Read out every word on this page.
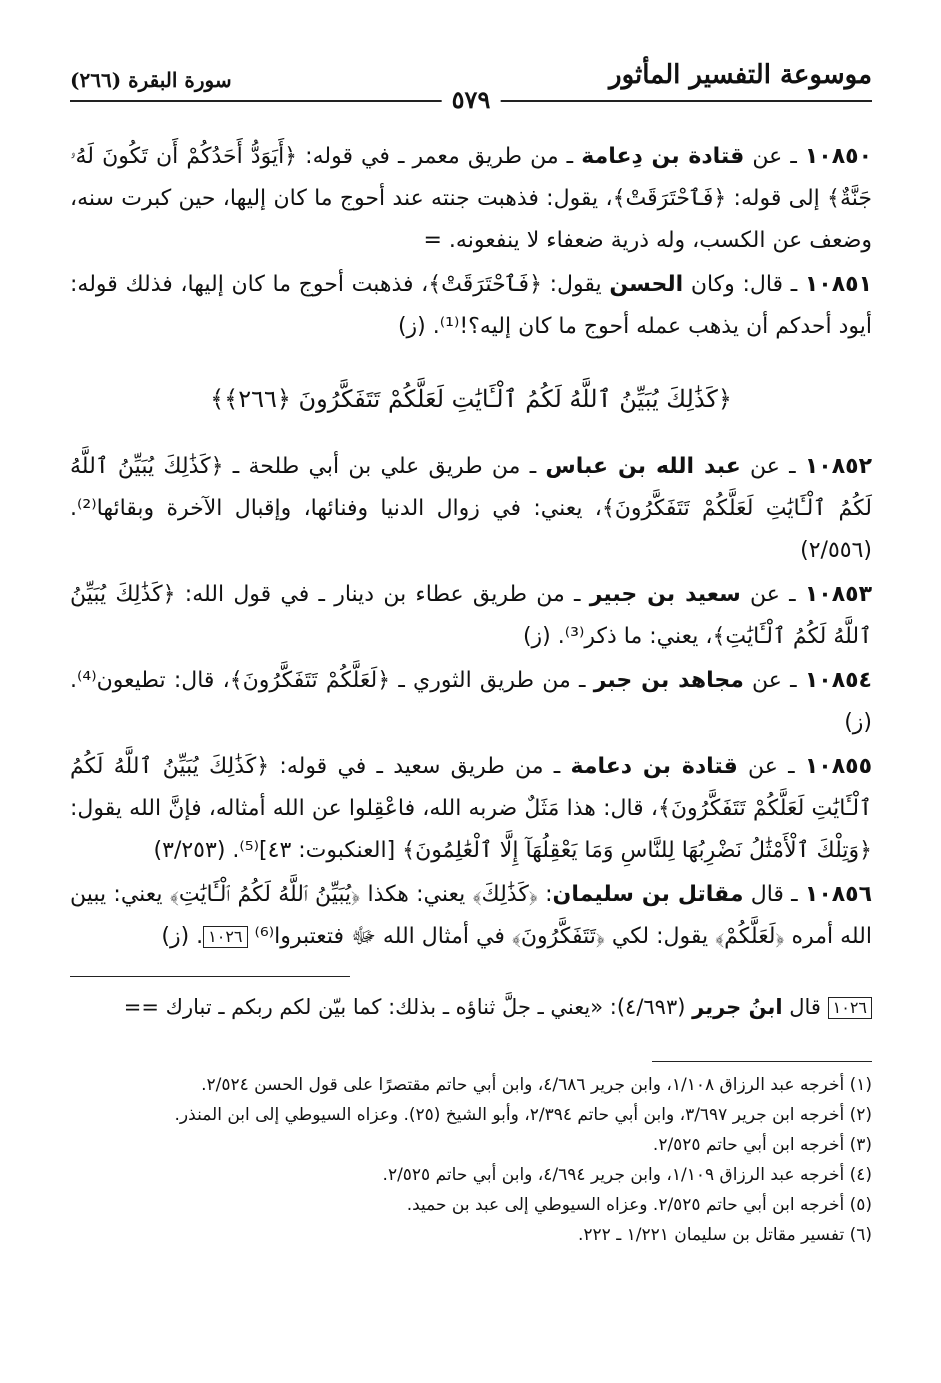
موسوعة التفسير المأثور
٥٧٩
سورة البقرة (٢٦٦)

١٠٨٥٠ ـ عن قتادة بن دِعامة ـ من طريق معمر ـ في قوله: ﴿أَيَوَدُّ أَحَدُكُمْ أَن تَكُونَ لَهُۥ جَنَّةٌ﴾ إلى قوله: ﴿فَٱحْتَرَقَتْ﴾، يقول: فذهبت جنته عند أحوج ما كان إليها، حين كبرت سنه، وضعف عن الكسب، وله ذرية ضعفاء لا ينفعونه. =

١٠٨٥١ ـ قال: وكان الحسن يقول: ﴿فَٱحْتَرَقَتْ﴾، فذهبت أحوج ما كان إليها، فذلك قوله: أيود أحدكم أن يذهب عمله أحوج ما كان إليه؟!⁽¹⁾. (ز)

﴿كَذَٰلِكَ يُبَيِّنُ ٱللَّهُ لَكُمُ ٱلْـَٔايَٰتِ لَعَلَّكُمْ تَتَفَكَّرُونَ ﴿٢٦٦﴾﴾

١٠٨٥٢ ـ عن عبد الله بن عباس ـ من طريق علي بن أبي طلحة ـ ﴿كَذَٰلِكَ يُبَيِّنُ ٱللَّهُ لَكُمُ ٱلْـَٔايَٰتِ لَعَلَّكُمْ تَتَفَكَّرُونَ﴾، يعني: في زوال الدنيا وفنائها، وإقبال الآخرة وبقائها⁽²⁾. (٢/٥٥٦)

١٠٨٥٣ ـ عن سعيد بن جبير ـ من طريق عطاء بن دينار ـ في قول الله: ﴿كَذَٰلِكَ يُبَيِّنُ ٱللَّهُ لَكُمُ ٱلْـَٔايَٰتِ﴾، يعني: ما ذكر⁽³⁾. (ز)

١٠٨٥٤ ـ عن مجاهد بن جبر ـ من طريق الثوري ـ ﴿لَعَلَّكُمْ تَتَفَكَّرُونَ﴾، قال: تطيعون⁽⁴⁾. (ز)

١٠٨٥٥ ـ عن قتادة بن دعامة ـ من طريق سعيد ـ في قوله: ﴿كَذَٰلِكَ يُبَيِّنُ ٱللَّهُ لَكُمُ ٱلْـَٔايَٰتِ لَعَلَّكُمْ تَتَفَكَّرُونَ﴾، قال: هذا مَثَلٌ ضربه الله، فاعْقِلوا عن الله أمثاله، فإنَّ الله يقول: ﴿وَتِلْكَ ٱلْأَمْثَٰلُ نَضْرِبُهَا لِلنَّاسِ وَمَا يَعْقِلُهَآ إِلَّا ٱلْعَٰلِمُونَ﴾ [العنكبوت: ٤٣]⁽⁵⁾. (٣/٢٥٣)

١٠٨٥٦ ـ قال مقاتل بن سليمان: ﴿كَذَٰلِكَ﴾ يعني: هكذا ﴿يُبَيِّنُ ٱللَّهُ لَكُمُ ٱلْـَٔايَٰتِ﴾ يعني: يبين الله أمره ﴿لَعَلَّكُمْ﴾ يقول: لكي ﴿تَتَفَكَّرُونَ﴾ في أمثال الله ﷻ فتعتبروا⁽⁶⁾ ١٠٢٦. (ز)

١٠٢٦ قال ابنُ جرير (٤/٦٩٣): «يعني ـ جلَّ ثناؤه ـ بذلك: كما بيّن لكم ربكم ـ تبارك ==
(١) أخرجه عبد الرزاق ١/١٠٨، وابن جرير ٤/٦٨٦، وابن أبي حاتم مقتصرًا على قول الحسن ٢/٥٢٤.
(٢) أخرجه ابن جرير ٣/٦٩٧، وابن أبي حاتم ٢/٣٩٤، وأبو الشيخ (٢٥). وعزاه السيوطي إلى ابن المنذر.
(٣) أخرجه ابن أبي حاتم ٢/٥٢٥.
(٤) أخرجه عبد الرزاق ١/١٠٩، وابن جرير ٤/٦٩٤، وابن أبي حاتم ٢/٥٢٥.
(٥) أخرجه ابن أبي حاتم ٢/٥٢٥. وعزاه السيوطي إلى عبد بن حميد.
(٦) تفسير مقاتل بن سليمان ١/٢٢١ ـ ٢٢٢.
